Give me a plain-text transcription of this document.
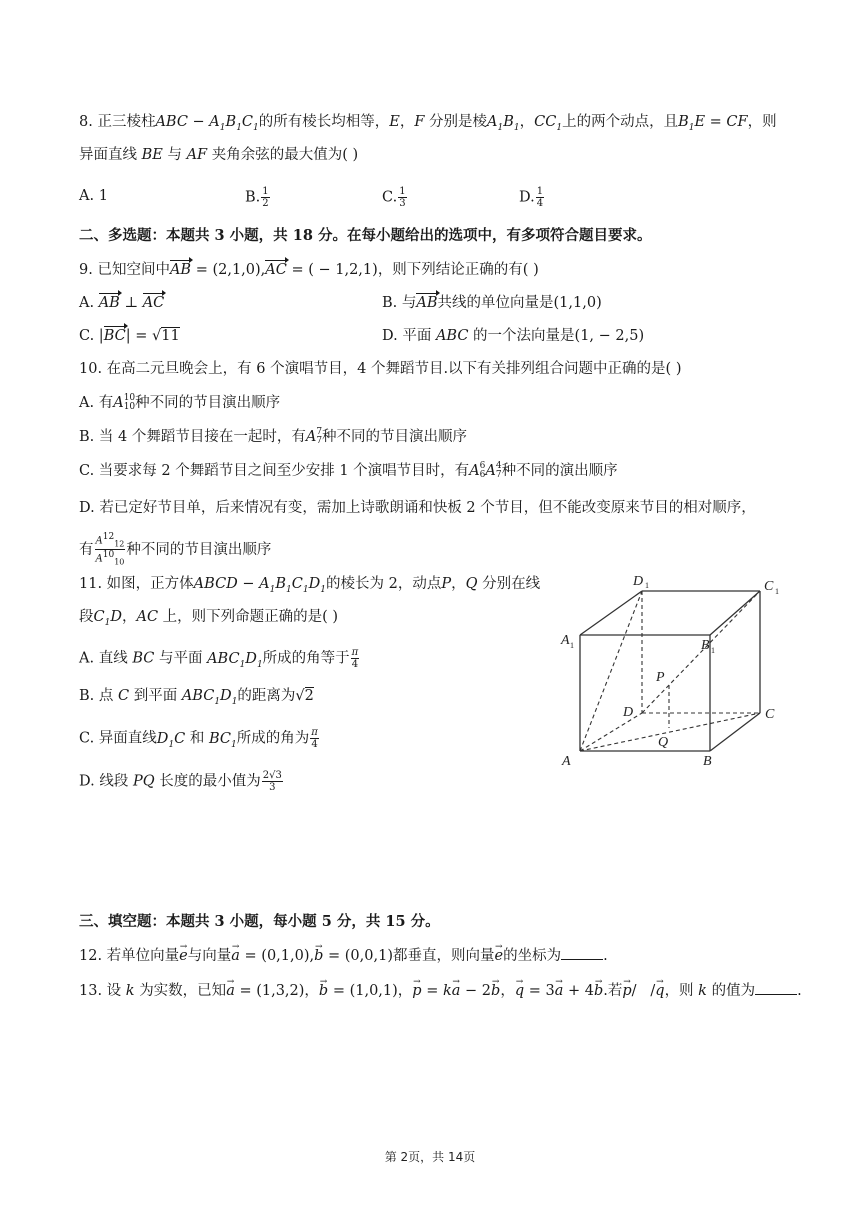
8. 正三棱柱ABC − $A_1B_1C_1$的所有棱长均相等，E，F 分别是棱$A_1B_1$，$CC_1$上的两个动点，且$B_1E$ = CF，则
异面直线 BE 与 AF 夹角余弦的最大值为( )
A. 1	B. $\frac{1}{2}$	C. $\frac{1}{3}$	D. $\frac{1}{4}$
二、多选题：本题共 3 小题，共 18 分。在每小题给出的选项中，有多项符合题目要求。
9. 已知空间中AB = (2,1,0),AC = ( − 1,2,1)，则下列结论正确的有( )
A. AB ⊥ AC	B. 与AB共线的单位向量是(1,1,0)
C. |BC| = √11	D. 平面 ABC 的一个法向量是(1, − 2,5)
10. 在高二元旦晚会上，有 6 个演唱节目，4 个舞蹈节目.以下有关排列组合问题中正确的是( )
A. 有A 10
10 种不同的节目演出顺序
B. 当 4 个舞蹈节目接在一起时，有A 7
7 种不同的节目演出顺序
C. 当要求每 2 个舞蹈节目之间至少安排 1 个演唱节目时，有A 6
6 A 4
7 种不同的演出顺序
D. 若已定好节目单，后来情况有变，需加上诗歌朗诵和快板 2 个节目，但不能改变原来节目的相对顺序，
有 $\frac{A^{12}_{12}}{A^{10}_{10}}$ 种不同的节目演出顺序
11. 如图，正方体ABCD − $A_1B_1C_1D_1$的棱长为 2，动点P，Q 分别在线
段$C_1D$，AC 上，则下列命题正确的是( )
A. 直线 BC 与平面 $ABC_1D_1$所成的角等于 $\frac{\pi}{4}$
B. 点 C 到平面 $ABC_1D_1$的距离为√2
C. 异面直线$D_1C$ 和 $BC_1$所成的角为 $\frac{\pi}{4}$
D. 线段 PQ 长度的最小值为 $\frac{2√3}{3}$
D 1	C 1
A 1	B 1
P
D	C
Q
A	B
三、填空题：本题共 3 小题，每小题 5 分，共 15 分。
12. 若单位向量→ e与向量→ a = (0,1,0),→ b = (0,0,1)都垂直，则向量→ e的坐标为	.
13. 设 k 为实数，已知→ a = (1,3,2)，→ b = (1,0,1)，→ p = k→ a − 2→ b，→ q = 3→ a + 4→ b.若→ p/   /→ q，则 k 的值为	.
第 2页，共 14页
